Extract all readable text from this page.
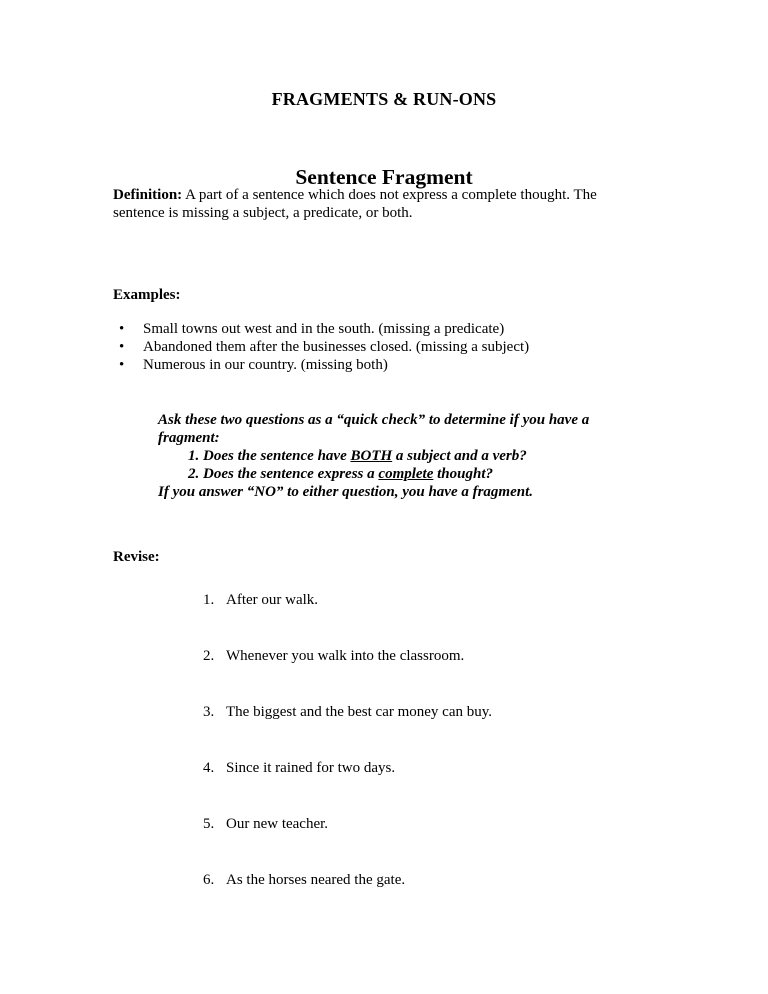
FRAGMENTS & RUN-ONS
Sentence Fragment
Definition: A part of a sentence which does not express a complete thought. The
sentence is missing a subject, a predicate, or both.
Examples:
• Small towns out west and in the south. (missing a predicate)
• Abandoned them after the businesses closed. (missing a subject)
• Numerous in our country. (missing both)
Ask these two questions as a “quick check” to determine if you have a
fragment:
1. Does the sentence have BOTH a subject and a verb?
2. Does the sentence express a complete thought?
If you answer “NO” to either question, you have a fragment.
Revise:
1. After our walk.
2. Whenever you walk into the classroom.
3. The biggest and the best car money can buy.
4. Since it rained for two days.
5. Our new teacher.
6. As the horses neared the gate.
